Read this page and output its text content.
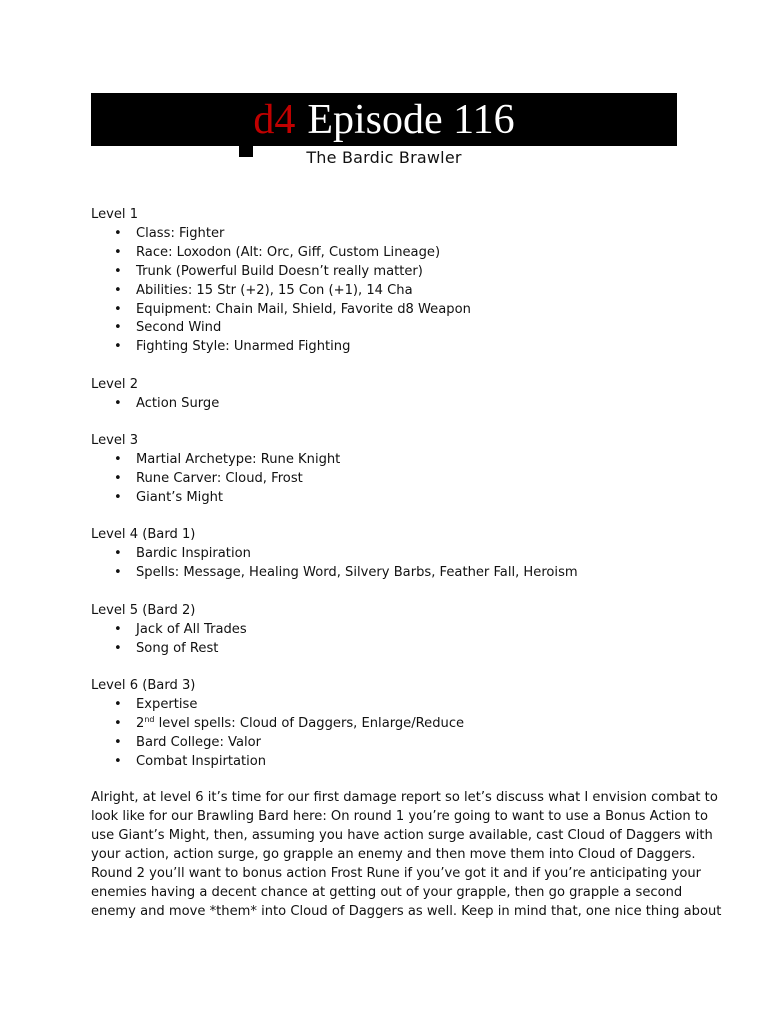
d4 Episode 116
The Bardic Brawler
Level 1
• Class: Fighter
• Race: Loxodon (Alt: Orc, Giff, Custom Lineage)
• Trunk (Powerful Build Doesn’t really matter)
• Abilities: 15 Str (+2), 15 Con (+1), 14 Cha
• Equipment: Chain Mail, Shield, Favorite d8 Weapon
• Second Wind
• Fighting Style: Unarmed Fighting
Level 2
• Action Surge
Level 3
• Martial Archetype: Rune Knight
• Rune Carver: Cloud, Frost
• Giant’s Might
Level 4 (Bard 1)
• Bardic Inspiration
• Spells: Message, Healing Word, Silvery Barbs, Feather Fall, Heroism
Level 5 (Bard 2)
• Jack of All Trades
• Song of Rest
Level 6 (Bard 3)
• Expertise
• 2nd level spells: Cloud of Daggers, Enlarge/Reduce
• Bard College: Valor
• Combat Inspirtation
Alright, at level 6 it’s time for our first damage report so let’s discuss what I envision combat to
look like for our Brawling Bard here: On round 1 you’re going to want to use a Bonus Action to
use Giant’s Might, then, assuming you have action surge available, cast Cloud of Daggers with
your action, action surge, go grapple an enemy and then move them into Cloud of Daggers.
Round 2 you’ll want to bonus action Frost Rune if you’ve got it and if you’re anticipating your
enemies having a decent chance at getting out of your grapple, then go grapple a second
enemy and move *them* into Cloud of Daggers as well. Keep in mind that, one nice thing about
